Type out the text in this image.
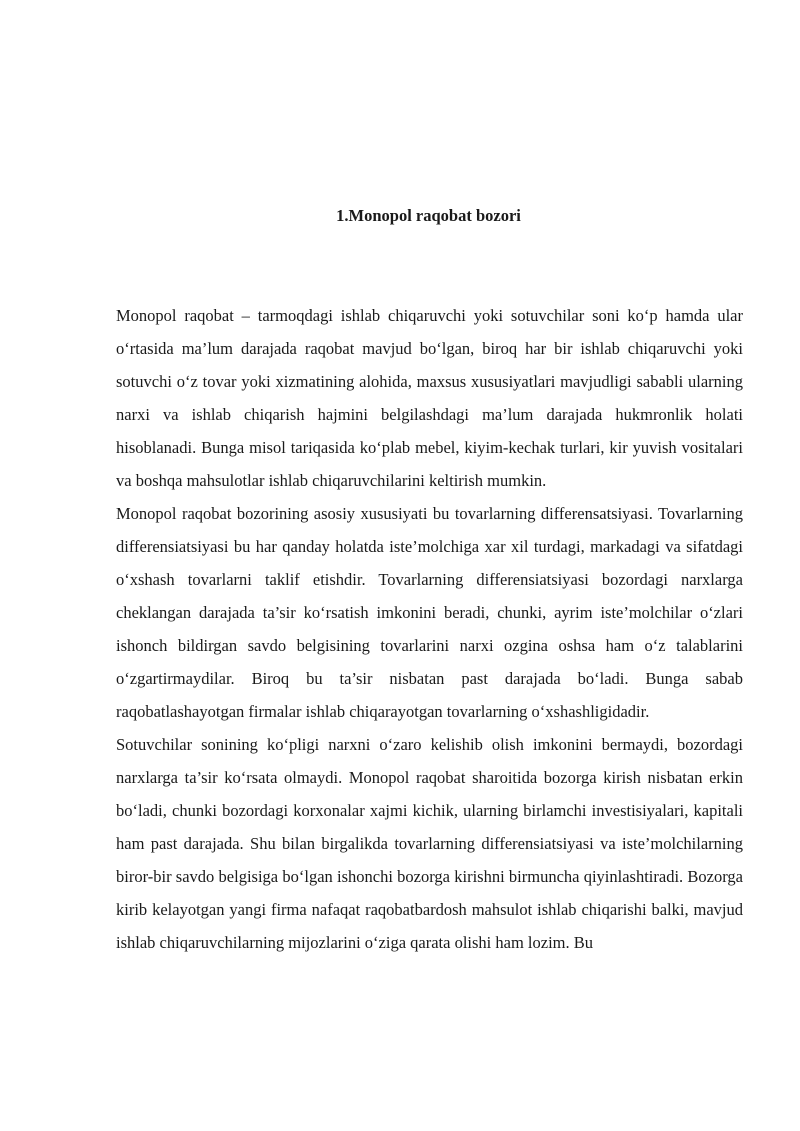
1.Monopol raqobat bozori

Monopol raqobat – tarmoqdagi ishlab chiqaruvchi yoki sotuvchilar soni ko‘p hamda ular o‘rtasida ma’lum darajada raqobat mavjud bo‘lgan, biroq har bir ishlab chiqaruvchi yoki sotuvchi o‘z tovar yoki xizmatining alohida, maxsus xususiyatlari mavjudligi sababli ularning narxi va ishlab chiqarish hajmini belgilashdagi ma’lum darajada hukmronlik holati hisoblanadi. Bunga misol tariqasida ko‘plab mebel, kiyim-kechak turlari, kir yuvish vositalari va boshqa mahsulotlar ishlab chiqaruvchilarini keltirish mumkin.

Monopol raqobat bozorining asosiy xususiyati bu tovarlarning differensatsiyasi. Tovarlarning differensiatsiyasi bu har qanday holatda iste’molchiga xar xil turdagi, markadagi va sifatdagi o‘xshash tovarlarni taklif etishdir. Tovarlarning differensiatsiyasi bozordagi narxlarga cheklangan darajada ta’sir ko‘rsatish imkonini beradi, chunki, ayrim iste’molchilar o‘zlari ishonch bildirgan savdo belgisining tovarlarini narxi ozgina oshsa ham o‘z talablarini o‘zgartirmaydilar. Biroq bu ta’sir nisbatan past darajada bo‘ladi. Bunga sabab raqobatlashayotgan firmalar ishlab chiqarayotgan tovarlarning o‘xshashligidadir.

Sotuvchilar sonining ko‘pligi narxni o‘zaro kelishib olish imkonini bermaydi, bozordagi narxlarga ta’sir ko‘rsata olmaydi. Monopol raqobat sharoitida bozorga kirish nisbatan erkin bo‘ladi, chunki bozordagi korxonalar xajmi kichik, ularning birlamchi investisiyalari, kapitali ham past darajada. Shu bilan birgalikda tovarlarning differensiatsiyasi va iste’molchilarning biror-bir savdo belgisiga bo‘lgan ishonchi bozorga kirishni birmuncha qiyinlashtiradi. Bozorga kirib kelayotgan yangi firma nafaqat raqobatbardosh mahsulot ishlab chiqarishi balki, mavjud ishlab chiqaruvchilarning mijozlarini o‘ziga qarata olishi ham lozim. Bu
